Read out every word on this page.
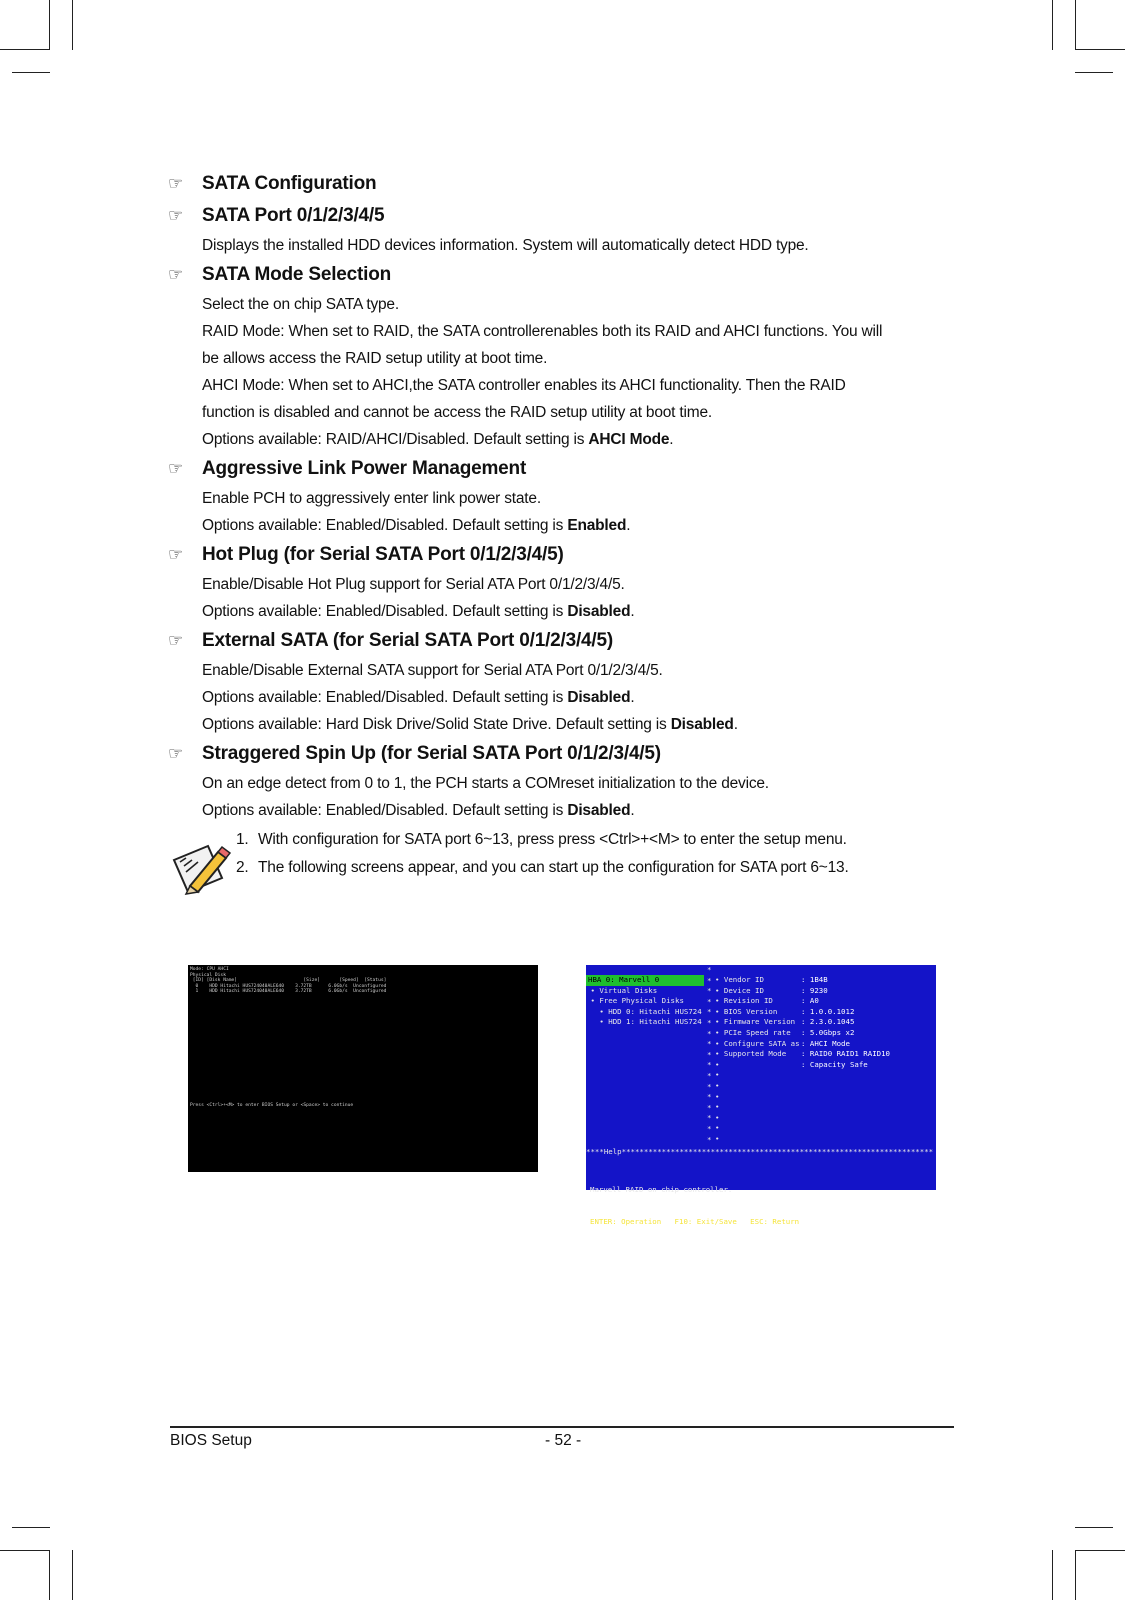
☞ SATA Configuration
☞ SATA Port 0/1/2/3/4/5
Displays the installed HDD devices information. System will automatically detect HDD type.
☞ SATA Mode Selection
Select the on chip SATA type.
RAID Mode: When set to RAID, the SATA controllerenables both its RAID and AHCI functions. You will
be allows access the RAID setup utility at boot time.
AHCI Mode: When set to AHCI,the SATA controller enables its AHCI functionality. Then the RAID
function is disabled and cannot be access the RAID setup utility at boot time.
Options available: RAID/AHCI/Disabled. Default setting is AHCI Mode.
☞ Aggressive Link Power Management
Enable PCH to aggressively enter link power state.
Options available: Enabled/Disabled. Default setting is Enabled.
☞ Hot Plug (for Serial SATA Port 0/1/2/3/4/5)
Enable/Disable Hot Plug support for Serial ATA Port 0/1/2/3/4/5.
Options available: Enabled/Disabled. Default setting is Disabled.
☞ External SATA (for Serial SATA Port 0/1/2/3/4/5)
Enable/Disable External SATA support for Serial ATA Port 0/1/2/3/4/5.
Options available: Enabled/Disabled. Default setting is Disabled.
Options available: Hard Disk Drive/Solid State Drive. Default setting is Disabled.
☞ Straggered Spin Up (for Serial SATA Port 0/1/2/3/4/5)
On an edge detect from 0 to 1, the PCH starts a COMreset initialization to the device.
Options available: Enabled/Disabled. Default setting is Disabled.
1. With configuration for SATA port 6~13, press press <Ctrl>+<M> to enter the setup menu.
2. The following screens appear, and you can start up the configuration for SATA port 6~13.
Mode: CPU AHCI
Physical Disk
[ID] [Disk Name]                        [Size]       [Speed]  [Status]
0    HDD Hitachi HUS724040ALE640    3.72TB      6.0Gb/s  Unconfigured
1    HDD Hitachi HUS724040ALE640    3.72TB      6.0Gb/s  Unconfigured
Press <Ctrl>+<M> to enter BIOS Setup or <Space> to continue
HBA 0: Marvell 0
• Virtual Disks
• Free Physical Disks
• HDD 0: Hitachi HUS724
• HDD 1: Hitachi HUS724
*
*
*
*
*
*
*
*
*
*
*
*
*
*
*
*
*
• Vendor ID	: 1B4B
• Device ID	: 9230
• Revision ID	: A0
• BIOS Version	: 1.0.0.1012
• Firmware Version : 2.3.0.1045
• PCIe Speed rate	: 5.0Gbps x2
• Configure SATA as : AHCI Mode
• Supported Mode	: RAID0 RAID1 RAID10
•	: Capacity Safe
•
•
•
•
•
•
•
****Help**********************************************************************

Marvell RAID on chip controller.

ENTER: Operation   F10: Exit/Save   ESC: Return

BIOS Setup	- 52 -
